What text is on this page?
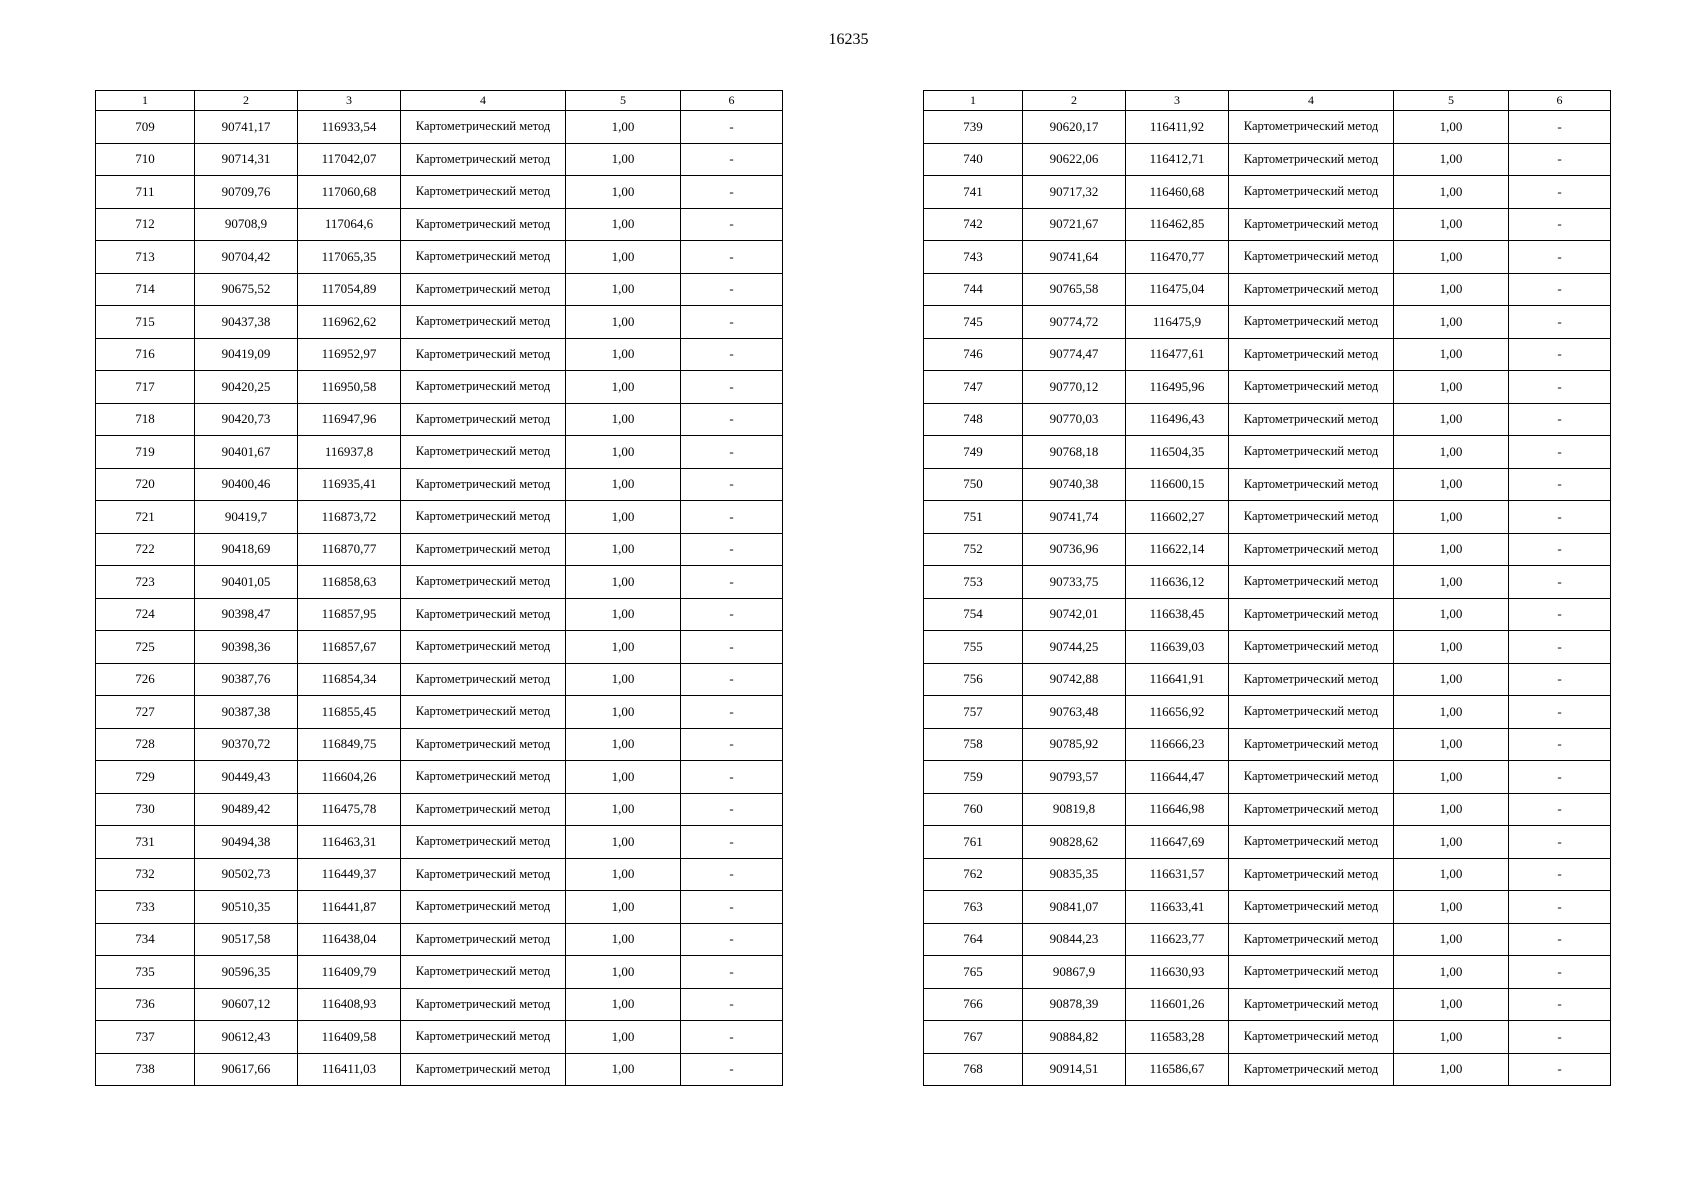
16235
1	2	3	4	5	6
709	90741,17	116933,54	Картометрический метод	1,00	-
710	90714,31	117042,07	Картометрический метод	1,00	-
711	90709,76	117060,68	Картометрический метод	1,00	-
712	90708,9	117064,6	Картометрический метод	1,00	-
713	90704,42	117065,35	Картометрический метод	1,00	-
714	90675,52	117054,89	Картометрический метод	1,00	-
715	90437,38	116962,62	Картометрический метод	1,00	-
716	90419,09	116952,97	Картометрический метод	1,00	-
717	90420,25	116950,58	Картометрический метод	1,00	-
718	90420,73	116947,96	Картометрический метод	1,00	-
719	90401,67	116937,8	Картометрический метод	1,00	-
720	90400,46	116935,41	Картометрический метод	1,00	-
721	90419,7	116873,72	Картометрический метод	1,00	-
722	90418,69	116870,77	Картометрический метод	1,00	-
723	90401,05	116858,63	Картометрический метод	1,00	-
724	90398,47	116857,95	Картометрический метод	1,00	-
725	90398,36	116857,67	Картометрический метод	1,00	-
726	90387,76	116854,34	Картометрический метод	1,00	-
727	90387,38	116855,45	Картометрический метод	1,00	-
728	90370,72	116849,75	Картометрический метод	1,00	-
729	90449,43	116604,26	Картометрический метод	1,00	-
730	90489,42	116475,78	Картометрический метод	1,00	-
731	90494,38	116463,31	Картометрический метод	1,00	-
732	90502,73	116449,37	Картометрический метод	1,00	-
733	90510,35	116441,87	Картометрический метод	1,00	-
734	90517,58	116438,04	Картометрический метод	1,00	-
735	90596,35	116409,79	Картометрический метод	1,00	-
736	90607,12	116408,93	Картометрический метод	1,00	-
737	90612,43	116409,58	Картометрический метод	1,00	-
738	90617,66	116411,03	Картометрический метод	1,00	-
1	2	3	4	5	6
739	90620,17	116411,92	Картометрический метод	1,00	-
740	90622,06	116412,71	Картометрический метод	1,00	-
741	90717,32	116460,68	Картометрический метод	1,00	-
742	90721,67	116462,85	Картометрический метод	1,00	-
743	90741,64	116470,77	Картометрический метод	1,00	-
744	90765,58	116475,04	Картометрический метод	1,00	-
745	90774,72	116475,9	Картометрический метод	1,00	-
746	90774,47	116477,61	Картометрический метод	1,00	-
747	90770,12	116495,96	Картометрический метод	1,00	-
748	90770,03	116496,43	Картометрический метод	1,00	-
749	90768,18	116504,35	Картометрический метод	1,00	-
750	90740,38	116600,15	Картометрический метод	1,00	-
751	90741,74	116602,27	Картометрический метод	1,00	-
752	90736,96	116622,14	Картометрический метод	1,00	-
753	90733,75	116636,12	Картометрический метод	1,00	-
754	90742,01	116638,45	Картометрический метод	1,00	-
755	90744,25	116639,03	Картометрический метод	1,00	-
756	90742,88	116641,91	Картометрический метод	1,00	-
757	90763,48	116656,92	Картометрический метод	1,00	-
758	90785,92	116666,23	Картометрический метод	1,00	-
759	90793,57	116644,47	Картометрический метод	1,00	-
760	90819,8	116646,98	Картометрический метод	1,00	-
761	90828,62	116647,69	Картометрический метод	1,00	-
762	90835,35	116631,57	Картометрический метод	1,00	-
763	90841,07	116633,41	Картометрический метод	1,00	-
764	90844,23	116623,77	Картометрический метод	1,00	-
765	90867,9	116630,93	Картометрический метод	1,00	-
766	90878,39	116601,26	Картометрический метод	1,00	-
767	90884,82	116583,28	Картометрический метод	1,00	-
768	90914,51	116586,67	Картометрический метод	1,00	-
